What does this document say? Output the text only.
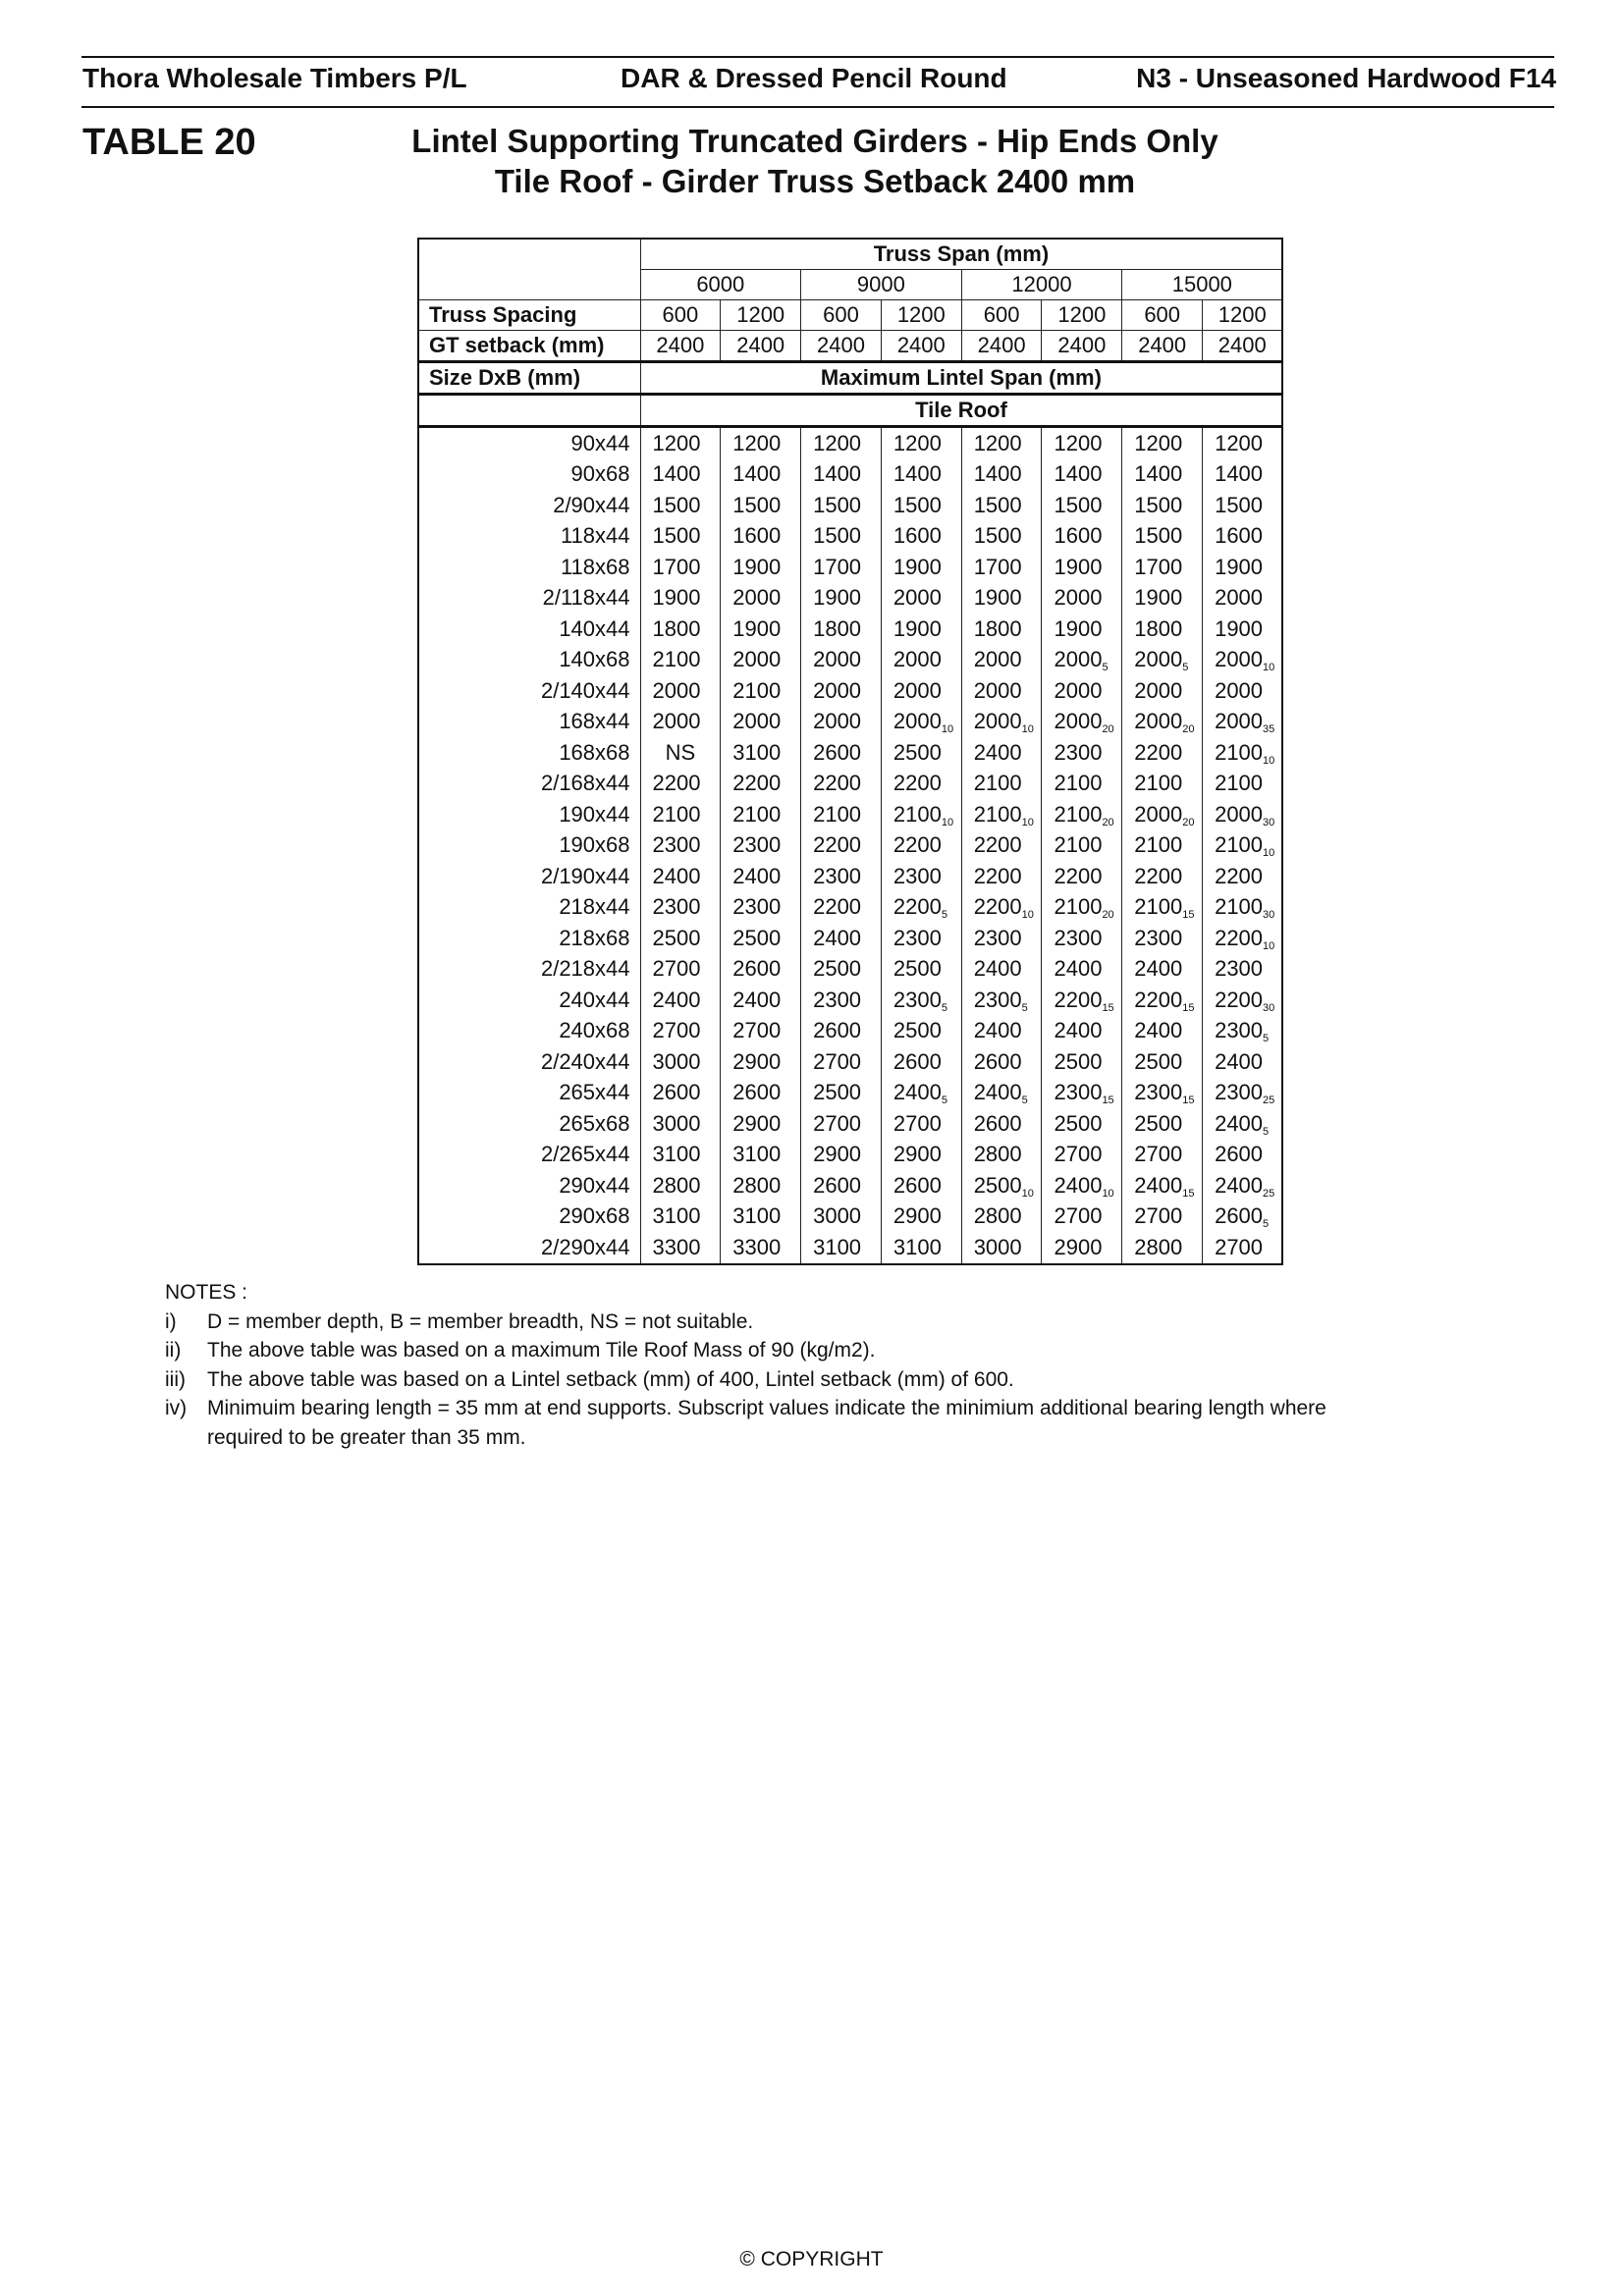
Thora Wholesale Timbers P/L	DAR & Dressed Pencil Round	N3 - Unseasoned Hardwood F14
TABLE 20	Lintel Supporting Truncated Girders - Hip Ends Only
Tile Roof - Girder Truss Setback 2400 mm
	Truss Span (mm)							
	6000		9000		12000		15000	
Truss Spacing	600	1200	600	1200	600	1200	600	1200
GT setback (mm)	2400	2400	2400	2400	2400	2400	2400	2400
Size DxB (mm)	Maximum Lintel Span (mm)							
	Tile Roof							
90x44	1200	1200	1200	1200	1200	1200	1200	1200
90x68	1400	1400	1400	1400	1400	1400	1400	1400
2/90x44	1500	1500	1500	1500	1500	1500	1500	1500
118x44	1500	1600	1500	1600	1500	1600	1500	1600
118x68	1700	1900	1700	1900	1700	1900	1700	1900
2/118x44	1900	2000	1900	2000	1900	2000	1900	2000
140x44	1800	1900	1800	1900	1800	1900	1800	1900
140x68	2100	2000	2000	2000	2000	$2000_5$	$2000_5$	$2000_{10}$
2/140x44	2000	2100	2000	2000	2000	2000	2000	2000
168x44	2000	2000	2000	$2000_{10}$	$2000_{10}$	$2000_{20}$	$2000_{20}$	$2000_{35}$
168x68	NS	3100	2600	2500	2400	2300	2200	$2100_{10}$
2/168x44	2200	2200	2200	2200	2100	2100	2100	2100
190x44	2100	2100	2100	$2100_{10}$	$2100_{10}$	$2100_{20}$	$2000_{20}$	$2000_{30}$
190x68	2300	2300	2200	2200	2200	2100	2100	$2100_{10}$
2/190x44	2400	2400	2300	2300	2200	2200	2200	2200
218x44	2300	2300	2200	$2200_5$	$2200_{10}$	$2100_{20}$	$2100_{15}$	$2100_{30}$
218x68	2500	2500	2400	2300	2300	2300	2300	$2200_{10}$
2/218x44	2700	2600	2500	2500	2400	2400	2400	2300
240x44	2400	2400	2300	$2300_5$	$2300_5$	$2200_{15}$	$2200_{15}$	$2200_{30}$
240x68	2700	2700	2600	2500	2400	2400	2400	$2300_5$
2/240x44	3000	2900	2700	2600	2600	2500	2500	2400
265x44	2600	2600	2500	$2400_5$	$2400_5$	$2300_{15}$	$2300_{15}$	$2300_{25}$
265x68	3000	2900	2700	2700	2600	2500	2500	$2400_5$
2/265x44	3100	3100	2900	2900	2800	2700	2700	2600
290x44	2800	2800	2600	2600	$2500_{10}$	$2400_{10}$	$2400_{15}$	$2400_{25}$
290x68	3100	3100	3000	2900	2800	2700	2700	$2600_5$
2/290x44	3300	3300	3100	3100	3000	2900	2800	2700
NOTES :
i)	D = member depth, B = member breadth, NS = not suitable.
ii)	The above table was based on a maximum Tile Roof Mass of 90 (kg/m2).
iii)	The above table was based on a Lintel setback (mm) of 400, Lintel setback (mm) of 600.
iv) Minimuim bearing length = 35 mm at end supports. Subscript values indicate the minimium additional bearing length where required to be greater than 35 mm.
© COPYRIGHT
